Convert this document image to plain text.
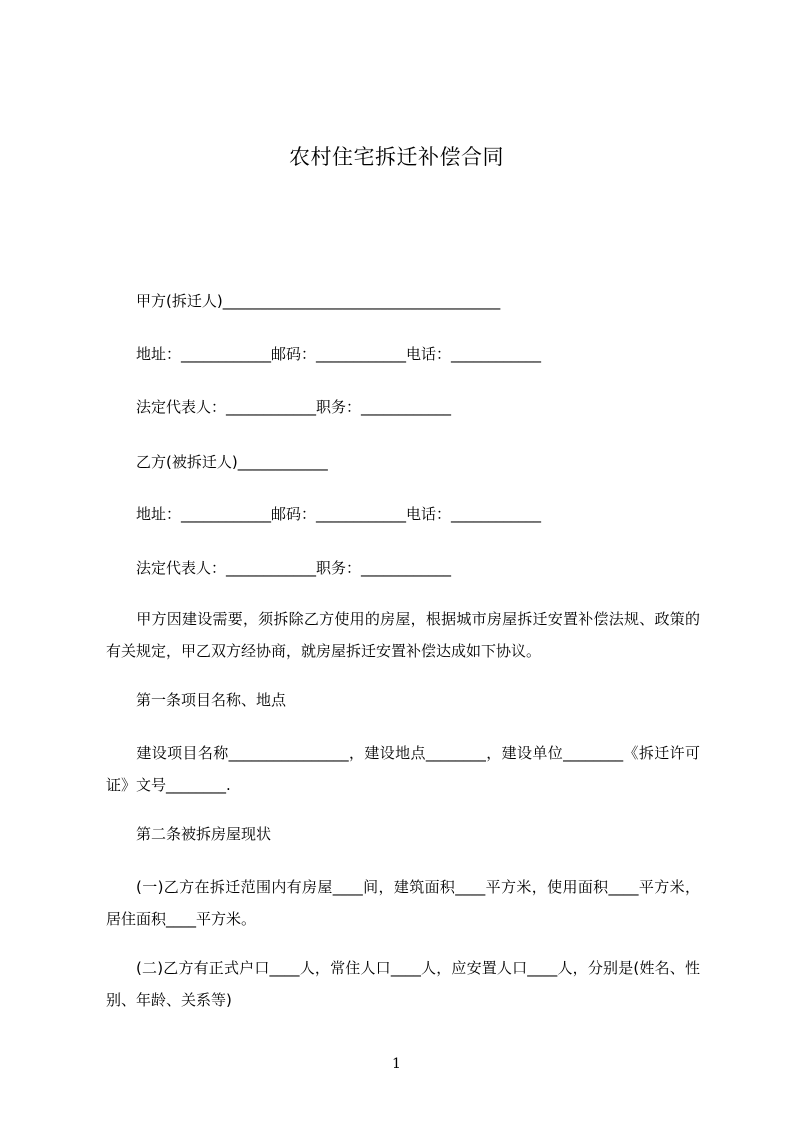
农村住宅拆迁补偿合同
甲方(拆迁人)_____________________________________
地址：____________邮码：____________电话：____________
法定代表人：____________职务：____________
乙方(被拆迁人)____________
地址：____________邮码：____________电话：____________
法定代表人：____________职务：____________
甲方因建设需要，须拆除乙方使用的房屋，根据城市房屋拆迁安置补偿法规、政策的有关规定，甲乙双方经协商，就房屋拆迁安置补偿达成如下协议。
第一条项目名称、地点
建设项目名称________________，建设地点________，建设单位________《拆迁许可证》文号________.
第二条被拆房屋现状
(一)乙方在拆迁范围内有房屋____间，建筑面积____平方米，使用面积____平方米，居住面积____平方米。
(二)乙方有正式户口____人，常住人口____人，应安置人口____人，分别是(姓名、性别、年龄、关系等)
1
